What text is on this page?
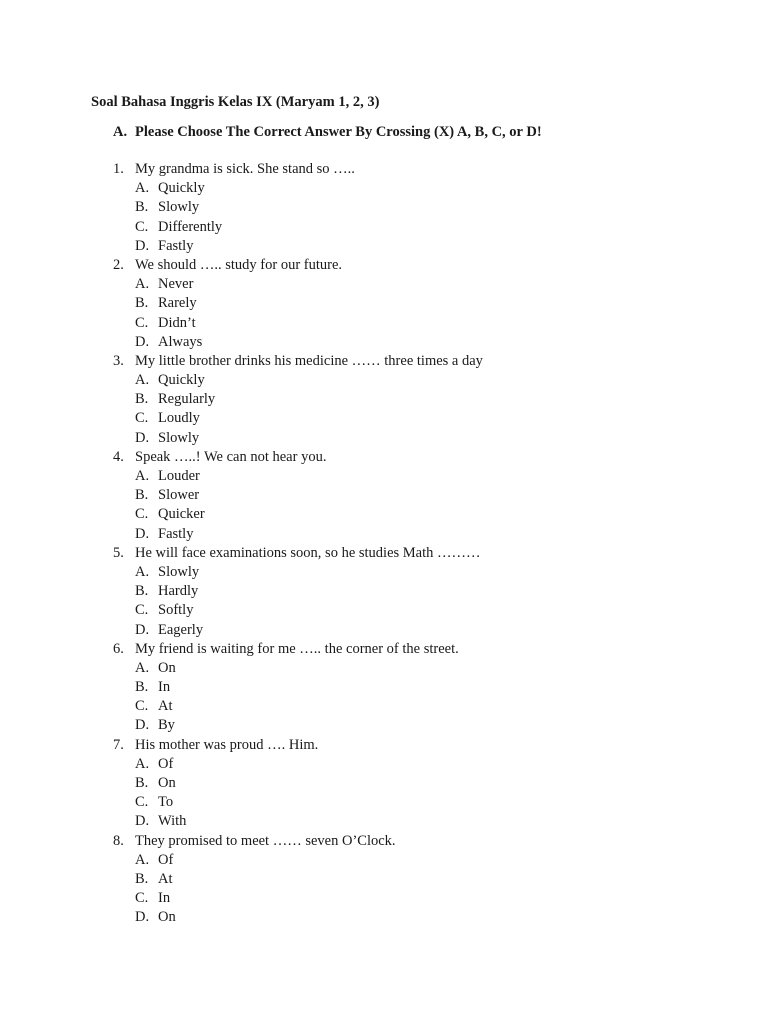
Soal Bahasa Inggris Kelas IX (Maryam 1, 2, 3)
A. Please Choose The Correct Answer By Crossing (X) A, B, C, or D!
1. My grandma is sick. She stand so …..
A. Quickly
B. Slowly
C. Differently
D. Fastly
2. We should ….. study for our future.
A. Never
B. Rarely
C. Didn’t
D. Always
3. My little brother drinks his medicine …… three times a day
A. Quickly
B. Regularly
C. Loudly
D. Slowly
4. Speak …..! We can not hear you.
A. Louder
B. Slower
C. Quicker
D. Fastly
5. He will face examinations soon, so he studies Math ………
A. Slowly
B. Hardly
C. Softly
D. Eagerly
6. My friend is waiting for me ….. the corner of the street.
A. On
B. In
C. At
D. By
7. His mother was proud …. Him.
A. Of
B. On
C. To
D. With
8. They promised to meet …… seven O’Clock.
A. Of
B. At
C. In
D. On
